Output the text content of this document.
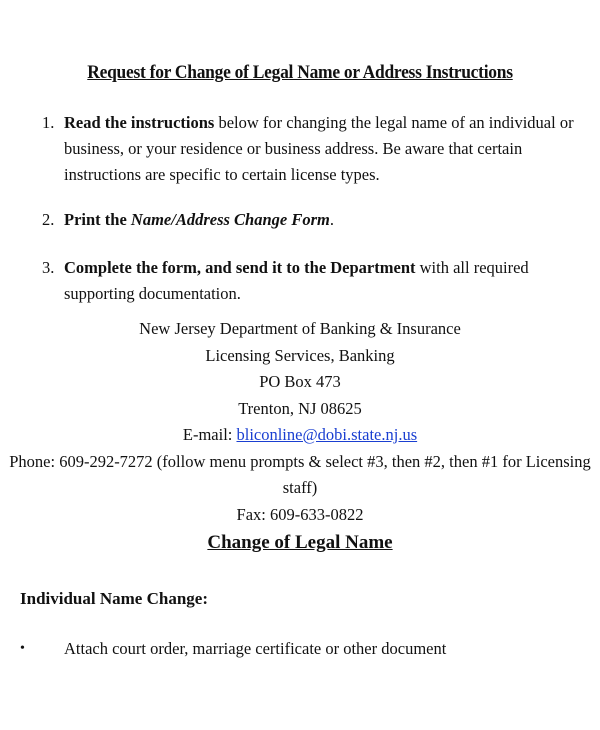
Request for Change of Legal Name or Address Instructions
1. Read the instructions below for changing the legal name of an individual or business, or your residence or business address. Be aware that certain instructions are specific to certain license types.
2. Print the Name/Address Change Form.
3. Complete the form, and send it to the Department with all required supporting documentation.
New Jersey Department of Banking & Insurance
Licensing Services, Banking
PO Box 473
Trenton, NJ 08625
E-mail: bliconline@dobi.state.nj.us
Phone: 609-292-7272 (follow menu prompts & select #3, then #2, then #1 for Licensing staff)
Fax: 609-633-0822
Change of Legal Name
Individual Name Change:
• Attach court order, marriage certificate or other document
